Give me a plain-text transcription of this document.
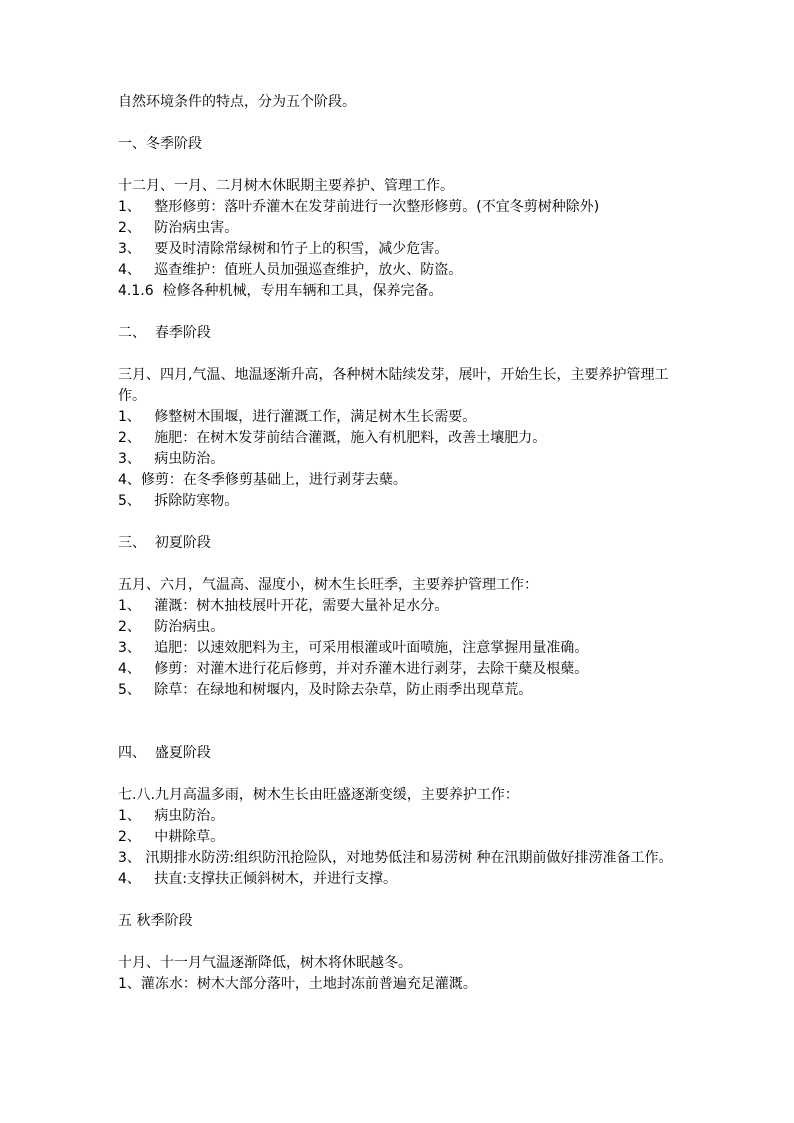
自然环境条件的特点，分为五个阶段。

一、冬季阶段

十二月、一月、二月树木休眠期主要养护、管理工作。

1、   整形修剪：落叶乔灌木在发芽前进行一次整形修剪。(不宜冬剪树种除外)

2、   防治病虫害。

3、   要及时清除常绿树和竹子上的积雪，减少危害。

4、   巡查维护：值班人员加强巡查维护，放火、防盗。

4.1.6  检修各种机械，专用车辆和工具，保养完备。

二、  春季阶段

三月、四月,气温、地温逐渐升高，各种树木陆续发芽，展叶，开始生长，主要养护管理工作。

1、   修整树木围堰，进行灌溉工作，满足树木生长需要。

2、   施肥：在树木发芽前结合灌溉，施入有机肥料，改善土壤肥力。

3、   病虫防治。

4、修剪：在冬季修剪基础上，进行剥芽去蘖。

5、   拆除防寒物。

三、  初夏阶段

五月、六月，气温高、湿度小，树木生长旺季，主要养护管理工作：

1、   灌溉：树木抽枝展叶开花，需要大量补足水分。

2、   防治病虫。

3、   追肥：以速效肥料为主，可采用根灌或叶面喷施，注意掌握用量准确。

4、   修剪：对灌木进行花后修剪，并对乔灌木进行剥芽，去除干蘖及根蘖。

5、   除草：在绿地和树堰内，及时除去杂草，防止雨季出现草荒。

四、  盛夏阶段

七.八.九月高温多雨，树木生长由旺盛逐渐变缓，主要养护工作：

1、   病虫防治。

2、   中耕除草。

3、 汛期排水防涝:组织防汛抢险队，对地势低洼和易涝树 种在汛期前做好排涝准备工作。

4、   扶直:支撑扶正倾斜树木，并进行支撑。

五 秋季阶段

十月、十一月气温逐渐降低，树木将休眠越冬。

1、灌冻水：树木大部分落叶，土地封冻前普遍充足灌溉。
